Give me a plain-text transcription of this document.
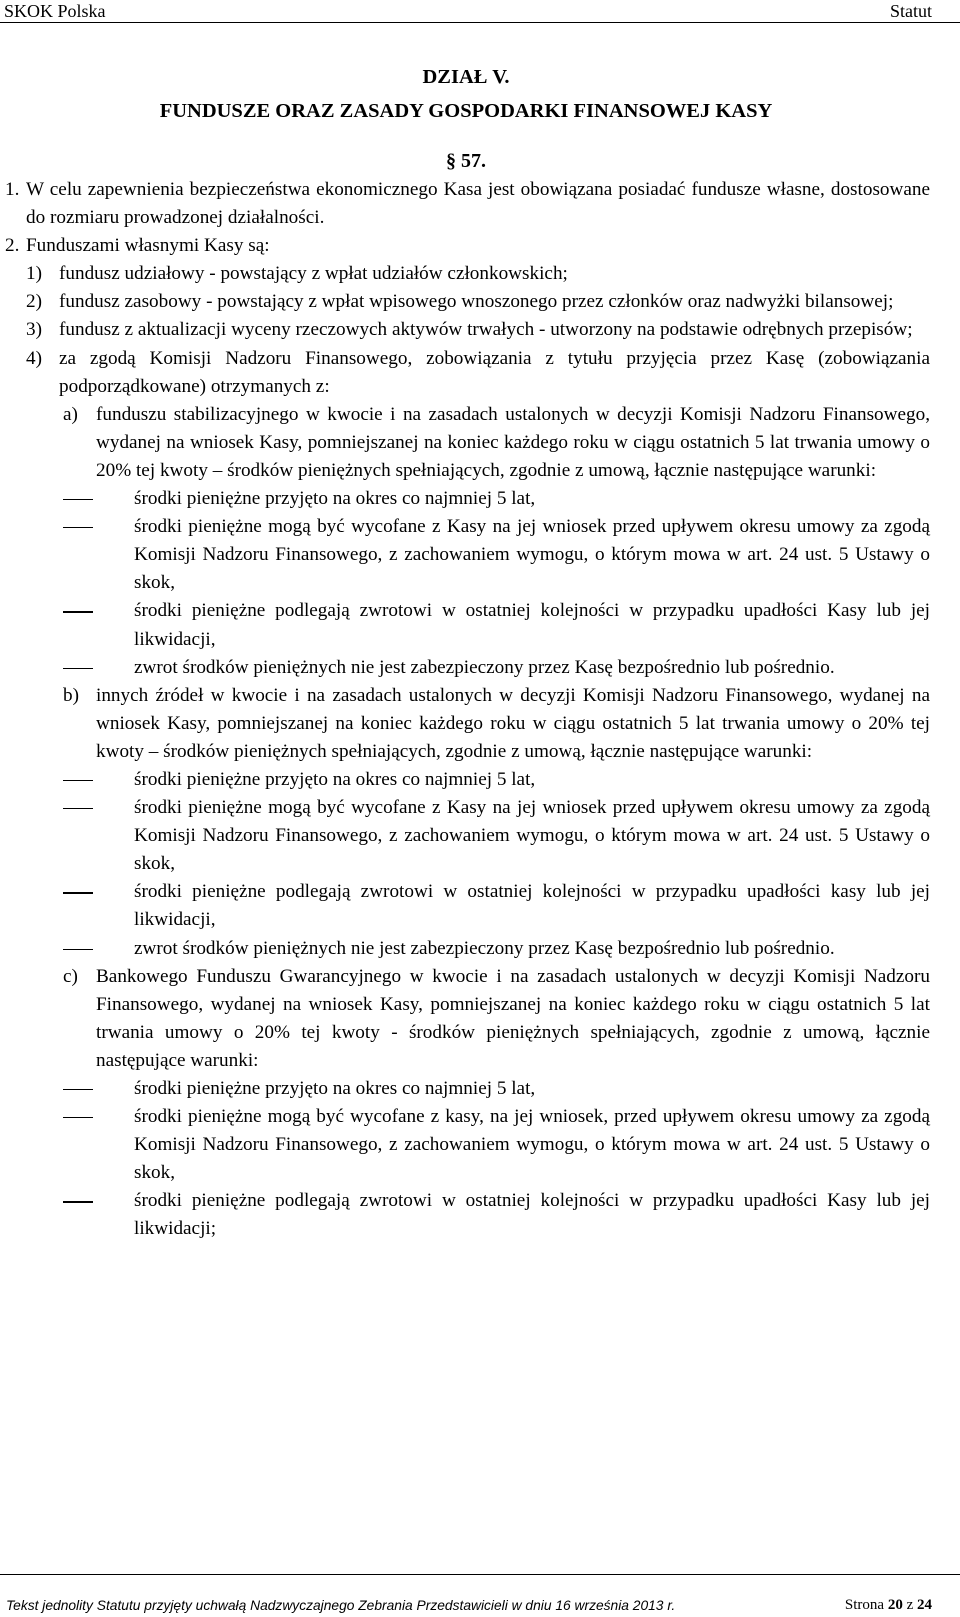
SKOK Polska	Statut
DZIAŁ V.
FUNDUSZE ORAZ ZASADY GOSPODARKI FINANSOWEJ KASY
§ 57.
1. W celu zapewnienia bezpieczeństwa ekonomicznego Kasa jest obowiązana posiadać fundusze własne, dostosowane do rozmiaru prowadzonej działalności.
2. Funduszami własnymi Kasy są:
1) fundusz udziałowy - powstający z wpłat udziałów członkowskich;
2) fundusz zasobowy - powstający z wpłat wpisowego wnoszonego przez członków oraz nadwyżki bilansowej;
3) fundusz z aktualizacji wyceny rzeczowych aktywów trwałych - utworzony na podstawie odrębnych przepisów;
4) za zgodą Komisji Nadzoru Finansowego, zobowiązania z tytułu przyjęcia przez Kasę (zobowiązania podporządkowane) otrzymanych z:
a) funduszu stabilizacyjnego w kwocie i na zasadach ustalonych w decyzji Komisji Nadzoru Finansowego, wydanej na wniosek Kasy, pomniejszanej na koniec każdego roku w ciągu ostatnich 5 lat trwania umowy o 20% tej kwoty – środków pieniężnych spełniających, zgodnie z umową, łącznie następujące warunki:
środki pieniężne przyjęto na okres co najmniej 5 lat,
środki pieniężne mogą być wycofane z Kasy na jej wniosek przed upływem okresu umowy za zgodą Komisji Nadzoru Finansowego, z zachowaniem wymogu, o którym mowa w art. 24 ust. 5 Ustawy o skok,
środki pieniężne podlegają zwrotowi w ostatniej kolejności w przypadku upadłości Kasy lub jej likwidacji,
zwrot środków pieniężnych nie jest zabezpieczony przez Kasę bezpośrednio lub pośrednio.
b) innych źródeł w kwocie i na zasadach ustalonych w decyzji Komisji Nadzoru Finansowego, wydanej na wniosek Kasy, pomniejszanej na koniec każdego roku w ciągu ostatnich 5 lat trwania umowy o 20% tej kwoty – środków pieniężnych spełniających, zgodnie z umową, łącznie następujące warunki:
środki pieniężne przyjęto na okres co najmniej 5 lat,
środki pieniężne mogą być wycofane z Kasy na jej wniosek przed upływem okresu umowy za zgodą Komisji Nadzoru Finansowego, z zachowaniem wymogu, o którym mowa w art. 24 ust. 5 Ustawy o skok,
środki pieniężne podlegają zwrotowi w ostatniej kolejności w przypadku upadłości kasy lub jej likwidacji,
zwrot środków pieniężnych nie jest zabezpieczony przez Kasę bezpośrednio lub pośrednio.
c) Bankowego Funduszu Gwarancyjnego w kwocie i na zasadach ustalonych w decyzji Komisji Nadzoru Finansowego, wydanej na wniosek Kasy, pomniejszanej na koniec każdego roku w ciągu ostatnich 5 lat trwania umowy o 20% tej kwoty - środków pieniężnych spełniających, zgodnie z umową, łącznie następujące warunki:
środki pieniężne przyjęto na okres co najmniej 5 lat,
środki pieniężne mogą być wycofane z kasy, na jej wniosek, przed upływem okresu umowy za zgodą Komisji Nadzoru Finansowego, z zachowaniem wymogu, o którym mowa w art. 24 ust. 5 Ustawy o skok,
środki pieniężne podlegają zwrotowi w ostatniej kolejności w przypadku upadłości Kasy lub jej likwidacji;
Tekst jednolity Statutu przyjęty uchwałą Nadzwyczajnego Zebrania Przedstawicieli w dniu 16 września 2013 r.	Strona 20 z 24
